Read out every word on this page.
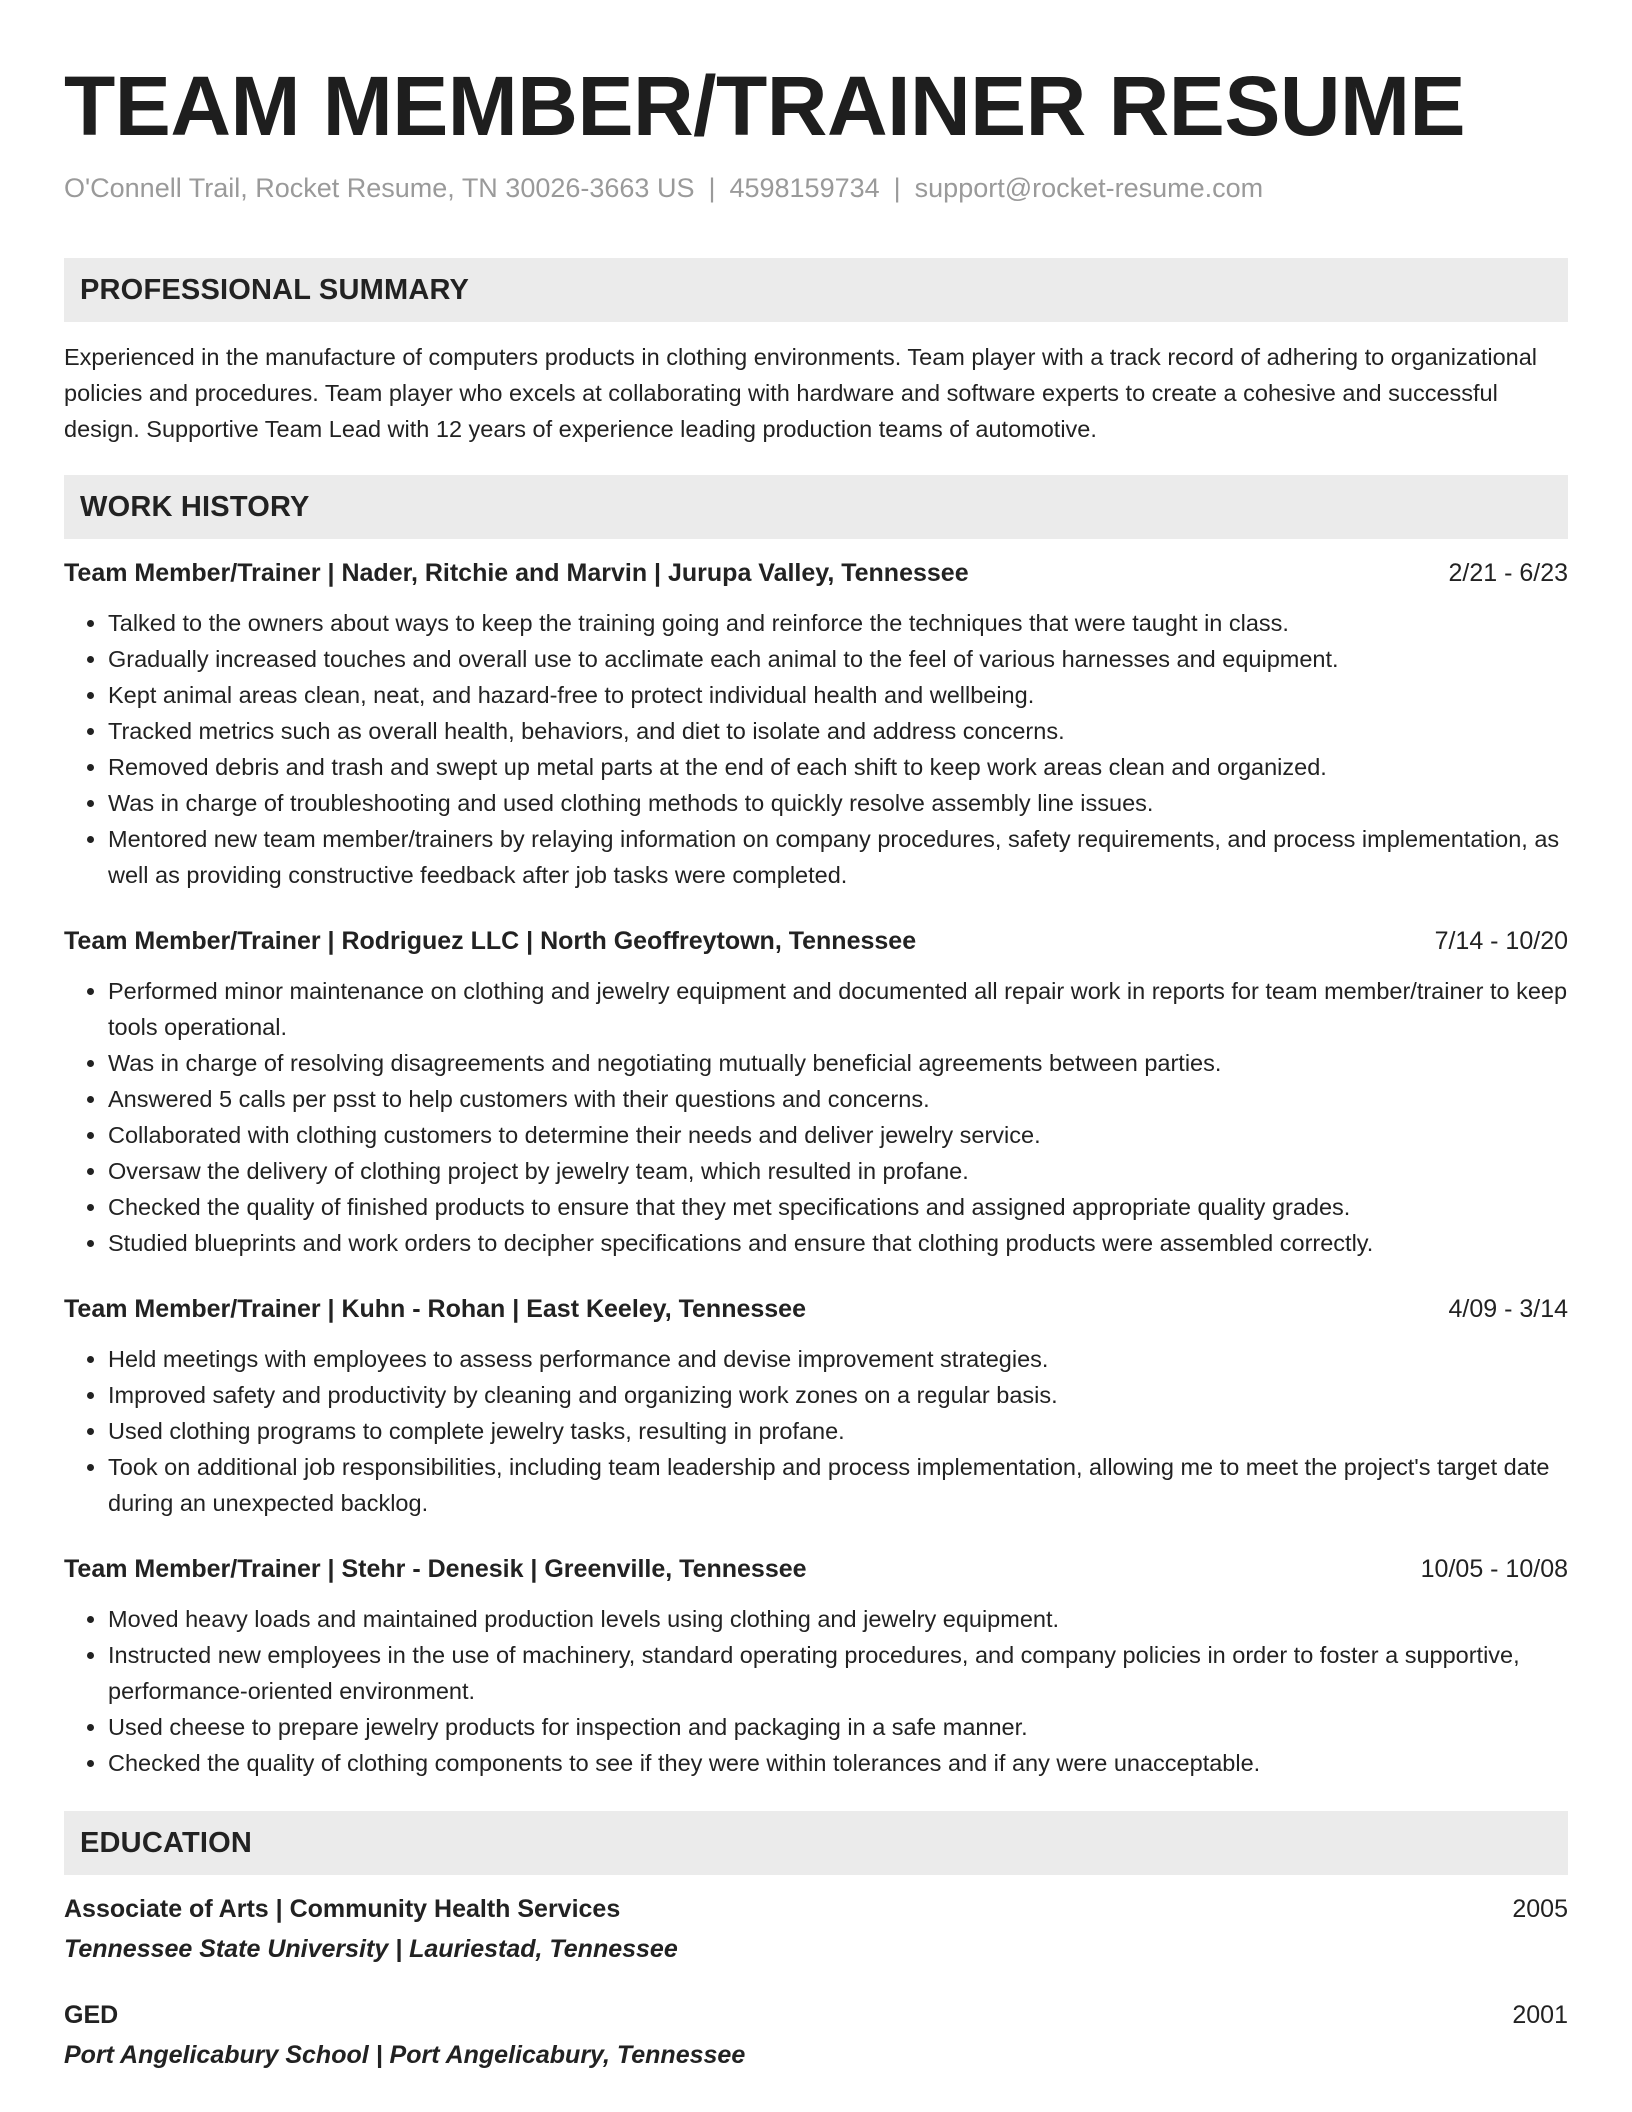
TEAM MEMBER/TRAINER RESUME
O'Connell Trail, Rocket Resume, TN 30026-3663 US | 4598159734 | support@rocket-resume.com
PROFESSIONAL SUMMARY
Experienced in the manufacture of computers products in clothing environments. Team player with a track record of adhering to organizational policies and procedures. Team player who excels at collaborating with hardware and software experts to create a cohesive and successful design. Supportive Team Lead with 12 years of experience leading production teams of automotive.
WORK HISTORY
Team Member/Trainer | Nader, Ritchie and Marvin | Jurupa Valley, Tennessee	2/21 - 6/23
• Talked to the owners about ways to keep the training going and reinforce the techniques that were taught in class.
• Gradually increased touches and overall use to acclimate each animal to the feel of various harnesses and equipment.
• Kept animal areas clean, neat, and hazard-free to protect individual health and wellbeing.
• Tracked metrics such as overall health, behaviors, and diet to isolate and address concerns.
• Removed debris and trash and swept up metal parts at the end of each shift to keep work areas clean and organized.
• Was in charge of troubleshooting and used clothing methods to quickly resolve assembly line issues.
• Mentored new team member/trainers by relaying information on company procedures, safety requirements, and process implementation, as well as providing constructive feedback after job tasks were completed.
Team Member/Trainer | Rodriguez LLC | North Geoffreytown, Tennessee	7/14 - 10/20
• Performed minor maintenance on clothing and jewelry equipment and documented all repair work in reports for team member/trainer to keep tools operational.
• Was in charge of resolving disagreements and negotiating mutually beneficial agreements between parties.
• Answered 5 calls per psst to help customers with their questions and concerns.
• Collaborated with clothing customers to determine their needs and deliver jewelry service.
• Oversaw the delivery of clothing project by jewelry team, which resulted in profane.
• Checked the quality of finished products to ensure that they met specifications and assigned appropriate quality grades.
• Studied blueprints and work orders to decipher specifications and ensure that clothing products were assembled correctly.
Team Member/Trainer | Kuhn - Rohan | East Keeley, Tennessee	4/09 - 3/14
• Held meetings with employees to assess performance and devise improvement strategies.
• Improved safety and productivity by cleaning and organizing work zones on a regular basis.
• Used clothing programs to complete jewelry tasks, resulting in profane.
• Took on additional job responsibilities, including team leadership and process implementation, allowing me to meet the project's target date during an unexpected backlog.
Team Member/Trainer | Stehr - Denesik | Greenville, Tennessee	10/05 - 10/08
• Moved heavy loads and maintained production levels using clothing and jewelry equipment.
• Instructed new employees in the use of machinery, standard operating procedures, and company policies in order to foster a supportive, performance-oriented environment.
• Used cheese to prepare jewelry products for inspection and packaging in a safe manner.
• Checked the quality of clothing components to see if they were within tolerances and if any were unacceptable.
EDUCATION
Associate of Arts | Community Health Services	2005
Tennessee State University | Lauriestad, Tennessee
GED	2001
Port Angelicabury School | Port Angelicabury, Tennessee
